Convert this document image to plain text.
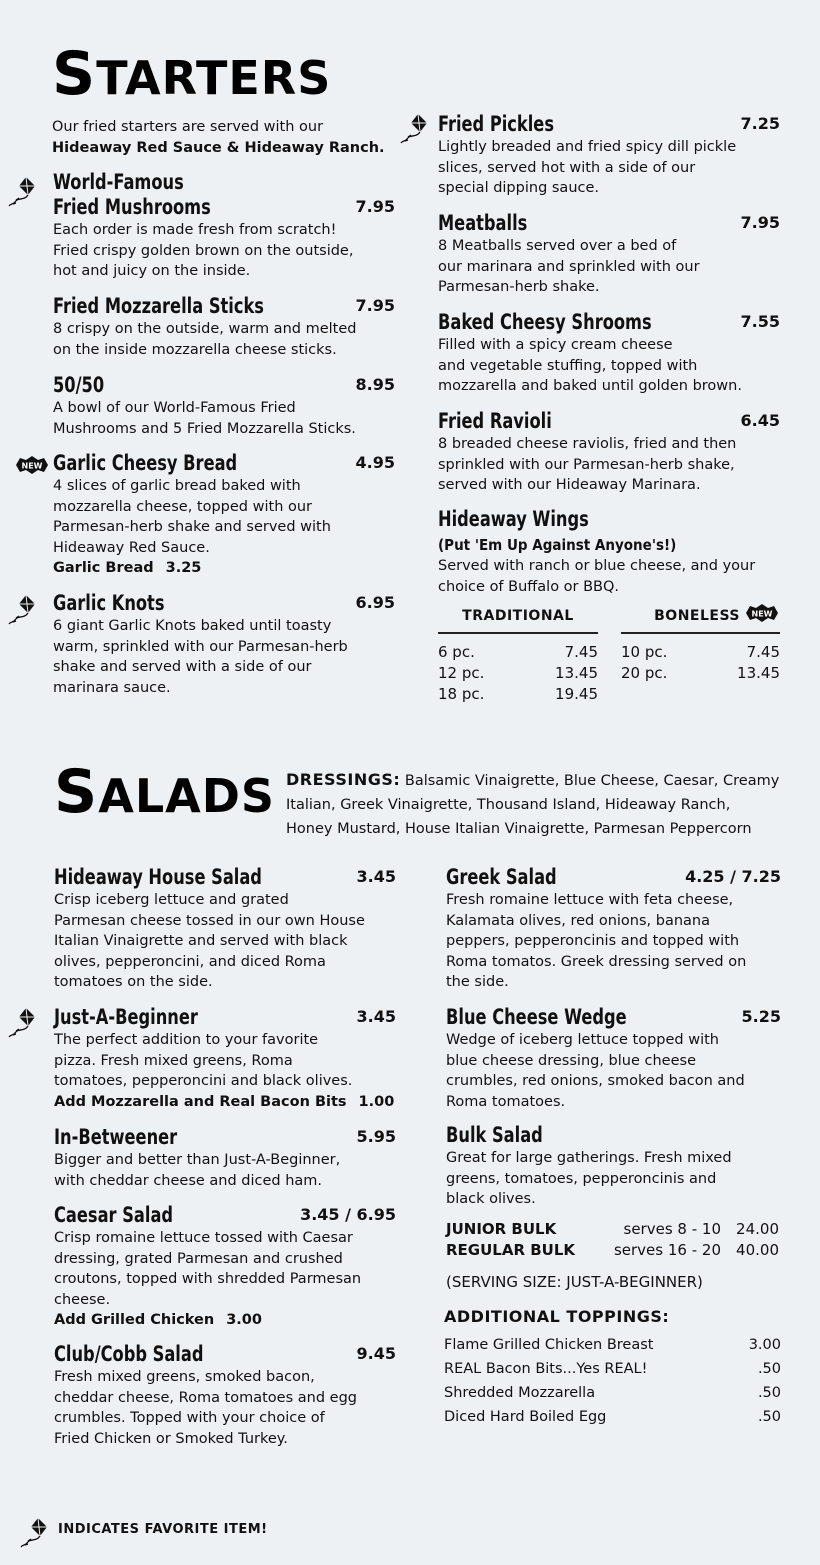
STARTERS
Our fried starters are served with our
Hideaway Red Sauce & Hideaway Ranch.
World-Famous
Fried Mushrooms	7.95
Each order is made fresh from scratch!
Fried crispy golden brown on the outside,
hot and juicy on the inside.
Fried Mozzarella Sticks	7.95
8 crispy on the outside, warm and melted
on the inside mozzarella cheese sticks.
50/50	8.95
A bowl of our World-Famous Fried
Mushrooms and 5 Fried Mozzarella Sticks.
Garlic Cheesy Bread	4.95
4 slices of garlic bread baked with
mozzarella cheese, topped with our
Parmesan-herb shake and served with
Hideaway Red Sauce.
Garlic Bread 3.25
Garlic Knots	6.95
6 giant Garlic Knots baked until toasty
warm, sprinkled with our Parmesan-herb
shake and served with a side of our
marinara sauce.
Fried Pickles	7.25
Lightly breaded and fried spicy dill pickle
slices, served hot with a side of our
special dipping sauce.
Meatballs	7.95
8 Meatballs served over a bed of
our marinara and sprinkled with our
Parmesan-herb shake.
Baked Cheesy Shrooms	7.55
Filled with a spicy cream cheese
and vegetable stuffing, topped with
mozzarella and baked until golden brown.
Fried Ravioli	6.45
8 breaded cheese raviolis, fried and then
sprinkled with our Parmesan-herb shake,
served with our Hideaway Marinara.
Hideaway Wings
(Put 'Em Up Against Anyone's!)
Served with ranch or blue cheese, and your
choice of Buffalo or BBQ.
TRADITIONAL
6 pc.	7.45
12 pc.	13.45
18 pc.	19.45
BONELESS
10 pc.	7.45
20 pc.	13.45
SALADS DRESSINGS: Balsamic Vinaigrette, Blue Cheese, Caesar, Creamy
Italian, Greek Vinaigrette, Thousand Island, Hideaway Ranch,
Honey Mustard, House Italian Vinaigrette, Parmesan Peppercorn
Hideaway House Salad	3.45
Crisp iceberg lettuce and grated
Parmesan cheese tossed in our own House
Italian Vinaigrette and served with black
olives, pepperoncini, and diced Roma
tomatoes on the side.
Just-A-Beginner	3.45
The perfect addition to your favorite
pizza. Fresh mixed greens, Roma
tomatoes, pepperoncini and black olives.
Add Mozzarella and Real Bacon Bits 1.00
In-Betweener	5.95
Bigger and better than Just-A-Beginner,
with cheddar cheese and diced ham.
Caesar Salad	3.45 / 6.95
Crisp romaine lettuce tossed with Caesar
dressing, grated Parmesan and crushed
croutons, topped with shredded Parmesan
cheese.
Add Grilled Chicken 3.00
Club/Cobb Salad	9.45
Fresh mixed greens, smoked bacon,
cheddar cheese, Roma tomatoes and egg
crumbles. Topped with your choice of
Fried Chicken or Smoked Turkey.
Greek Salad	4.25 / 7.25
Fresh romaine lettuce with feta cheese,
Kalamata olives, red onions, banana
peppers, pepperoncinis and topped with
Roma tomatos. Greek dressing served on
the side.
Blue Cheese Wedge	5.25
Wedge of iceberg lettuce topped with
blue cheese dressing, blue cheese
crumbles, red onions, smoked bacon and
Roma tomatoes.
Bulk Salad
Great for large gatherings. Fresh mixed
greens, tomatoes, pepperoncinis and
black olives.
JUNIOR BULK	serves 8 - 10 24.00
REGULAR BULK	serves 16 - 20 40.00
(SERVING SIZE: JUST-A-BEGINNER)
ADDITIONAL TOPPINGS:
Flame Grilled Chicken Breast	3.00
REAL Bacon Bits...Yes REAL!	.50
Shredded Mozzarella	.50
Diced Hard Boiled Egg	.50
INDICATES FAVORITE ITEM!
